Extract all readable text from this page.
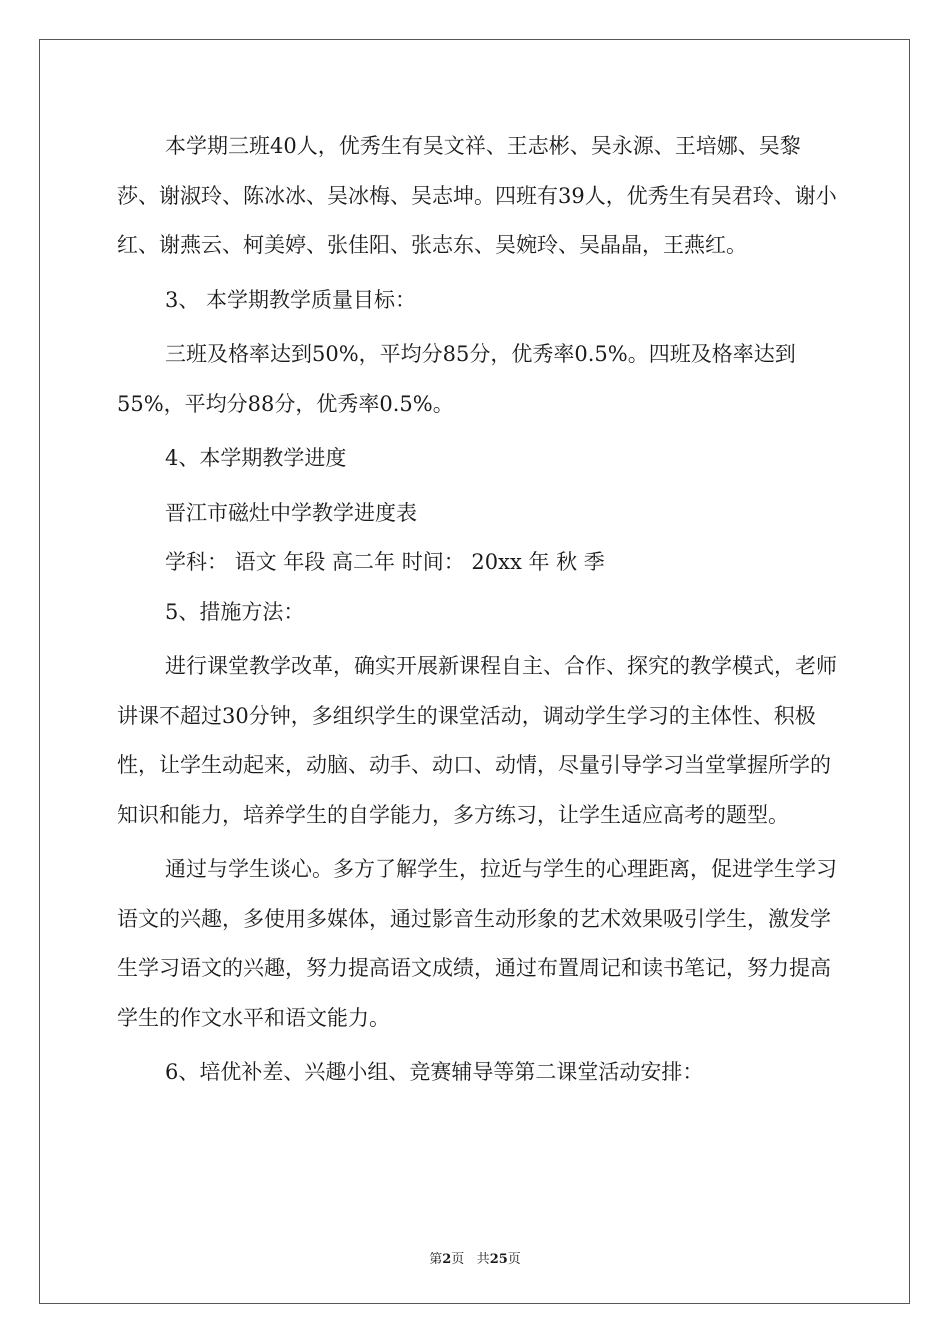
本学期三班40人，优秀生有吴文祥、王志彬、吴永源、王培娜、吴黎莎、谢淑玲、陈冰冰、吴冰梅、吴志坤。四班有39人，优秀生有吴君玲、谢小红、谢燕云、柯美婷、张佳阳、张志东、吴婉玲、吴晶晶，王燕红。

3、 本学期教学质量目标：

三班及格率达到50%，平均分85分，优秀率0.5%。四班及格率达到55%，平均分88分，优秀率0.5%。

4、本学期教学进度

晋江市磁灶中学教学进度表

学科： 语文 年段 高二年 时间： 20xx 年 秋 季

5、措施方法：

进行课堂教学改革，确实开展新课程自主、合作、探究的教学模式，老师讲课不超过30分钟，多组织学生的课堂活动，调动学生学习的主体性、积极性，让学生动起来，动脑、动手、动口、动情，尽量引导学习当堂掌握所学的知识和能力，培养学生的自学能力，多方练习，让学生适应高考的题型。

通过与学生谈心。多方了解学生，拉近与学生的心理距离，促进学生学习语文的兴趣，多使用多媒体，通过影音生动形象的艺术效果吸引学生，激发学生学习语文的兴趣，努力提高语文成绩，通过布置周记和读书笔记，努力提高学生的作文水平和语文能力。

6、培优补差、兴趣小组、竞赛辅导等第二课堂活动安排：

第2页 共25页
